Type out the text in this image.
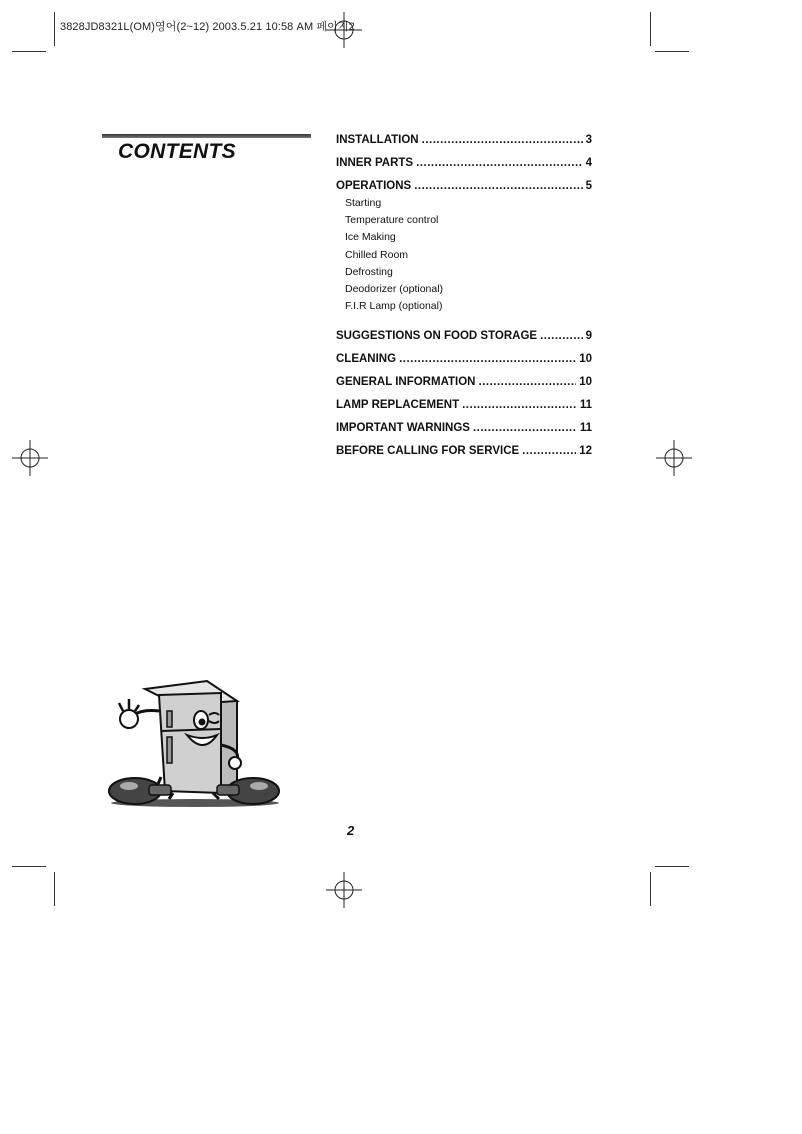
3828JD8321L(OM)영어(2~12) 2003.5.21 10:58 AM 페이지2
CONTENTS	INSTALLATION .....	3
INNER PARTS .....	4
OPERATIONS .....	5
Starting
Temperature control
Ice Making
Chilled Room
Defrosting
Deodorizer (optional)
F.I.R Lamp (optional)
SUGGESTIONS ON FOOD STORAGE .....	9
CLEANING .....	10
GENERAL INFORMATION .....	10
LAMP REPLACEMENT .....	11
IMPORTANT WARNINGS .....	11
BEFORE CALLING FOR SERVICE .....	12
2
